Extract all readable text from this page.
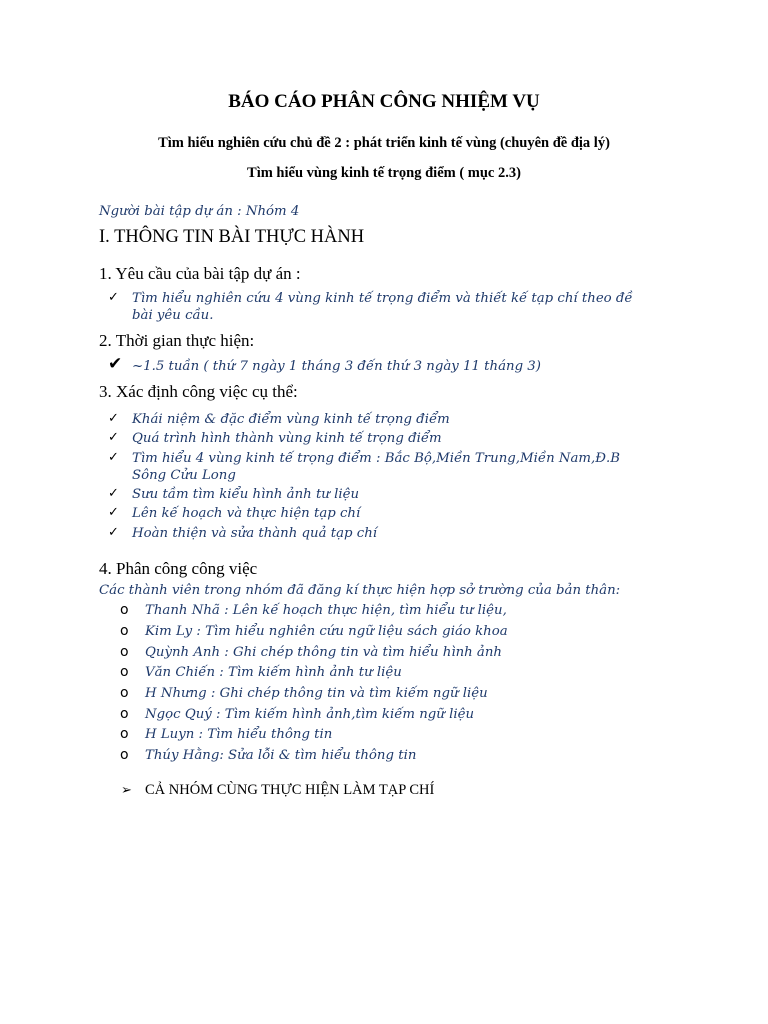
BÁO CÁO PHÂN CÔNG NHIỆM VỤ
Tìm hiểu nghiên cứu chủ đề 2 : phát triển kinh tế vùng (chuyên đề địa lý)
Tìm hiểu vùng kinh tế trọng điểm ( mục 2.3)
Người bài tập dự án : Nhóm 4
I. THÔNG TIN BÀI THỰC HÀNH
1. Yêu cầu của bài tập dự án :
✓ Tìm hiểu nghiên cứu 4 vùng kinh tế trọng điểm và thiết kế tạp chí theo đề bài yêu cầu.
2. Thời gian thực hiện:
✔ ~1.5 tuần ( thứ 7 ngày 1 tháng 3 đến thứ 3 ngày 11 tháng 3)
3. Xác định công việc cụ thể:
✓ Khái niệm & đặc điểm vùng kinh tế trọng điểm
✓ Quá trình hình thành vùng kinh tế trọng điểm
✓ Tìm hiểu 4 vùng kinh tế trọng điểm : Bắc Bộ,Miền Trung,Miền Nam,Đ.B Sông Cửu Long
✓ Sưu tầm tìm kiểu hình ảnh tư liệu
✓ Lên kế hoạch và thực hiện tạp chí
✓ Hoàn thiện và sửa thành quả tạp chí
4. Phân công công việc
Các thành viên trong nhóm đã đăng kí thực hiện hợp sở trường của bản thân:
o Thanh Nhã : Lên kế hoạch thực hiện, tìm hiểu tư liệu,
o Kim Ly : Tìm hiểu nghiên cứu ngữ liệu sách giáo khoa
o Quỳnh Anh : Ghi chép thông tin và tìm hiểu hình ảnh
o Văn Chiến : Tìm kiếm hình ảnh tư liệu
o H Nhưng : Ghi chép thông tin và tìm kiếm ngữ liệu
o Ngọc Quý : Tìm kiếm hình ảnh,tìm kiếm ngữ liệu
o H Luyn : Tìm hiểu thông tin
o Thúy Hằng: Sửa lỗi & tìm hiểu thông tin
➢ CẢ NHÓM CÙNG THỰC HIỆN LÀM TẠP CHÍ
